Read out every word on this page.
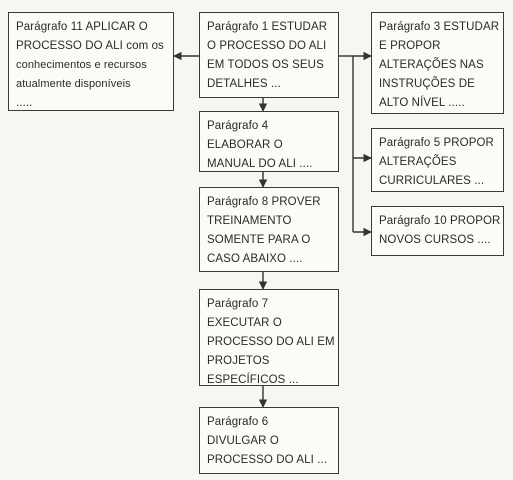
Parágrafo 11 APLICAR O

PROCESSO DO ALI com os

conhecimentos e recursos

atualmente disponíveis

.....

Parágrafo 1 ESTUDAR

O PROCESSO DO ALI

EM TODOS OS SEUS

DETALHES ...

Parágrafo 3 ESTUDAR

E PROPOR

ALTERAÇÕES NAS

INSTRUÇÕES DE

ALTO NÍVEL .....

Parágrafo 4

ELABORAR O

MANUAL DO ALI ....

Parágrafo 5 PROPOR

ALTERAÇÕES

CURRICULARES ...

Parágrafo 8 PROVER

TREINAMENTO

SOMENTE PARA O

CASO ABAIXO ....

Parágrafo 10 PROPOR

NOVOS CURSOS ....

Parágrafo 7

EXECUTAR O

PROCESSO DO ALI EM

PROJETOS

ESPECÍFICOS ...

Parágrafo 6

DIVULGAR O

PROCESSO DO ALI ...
